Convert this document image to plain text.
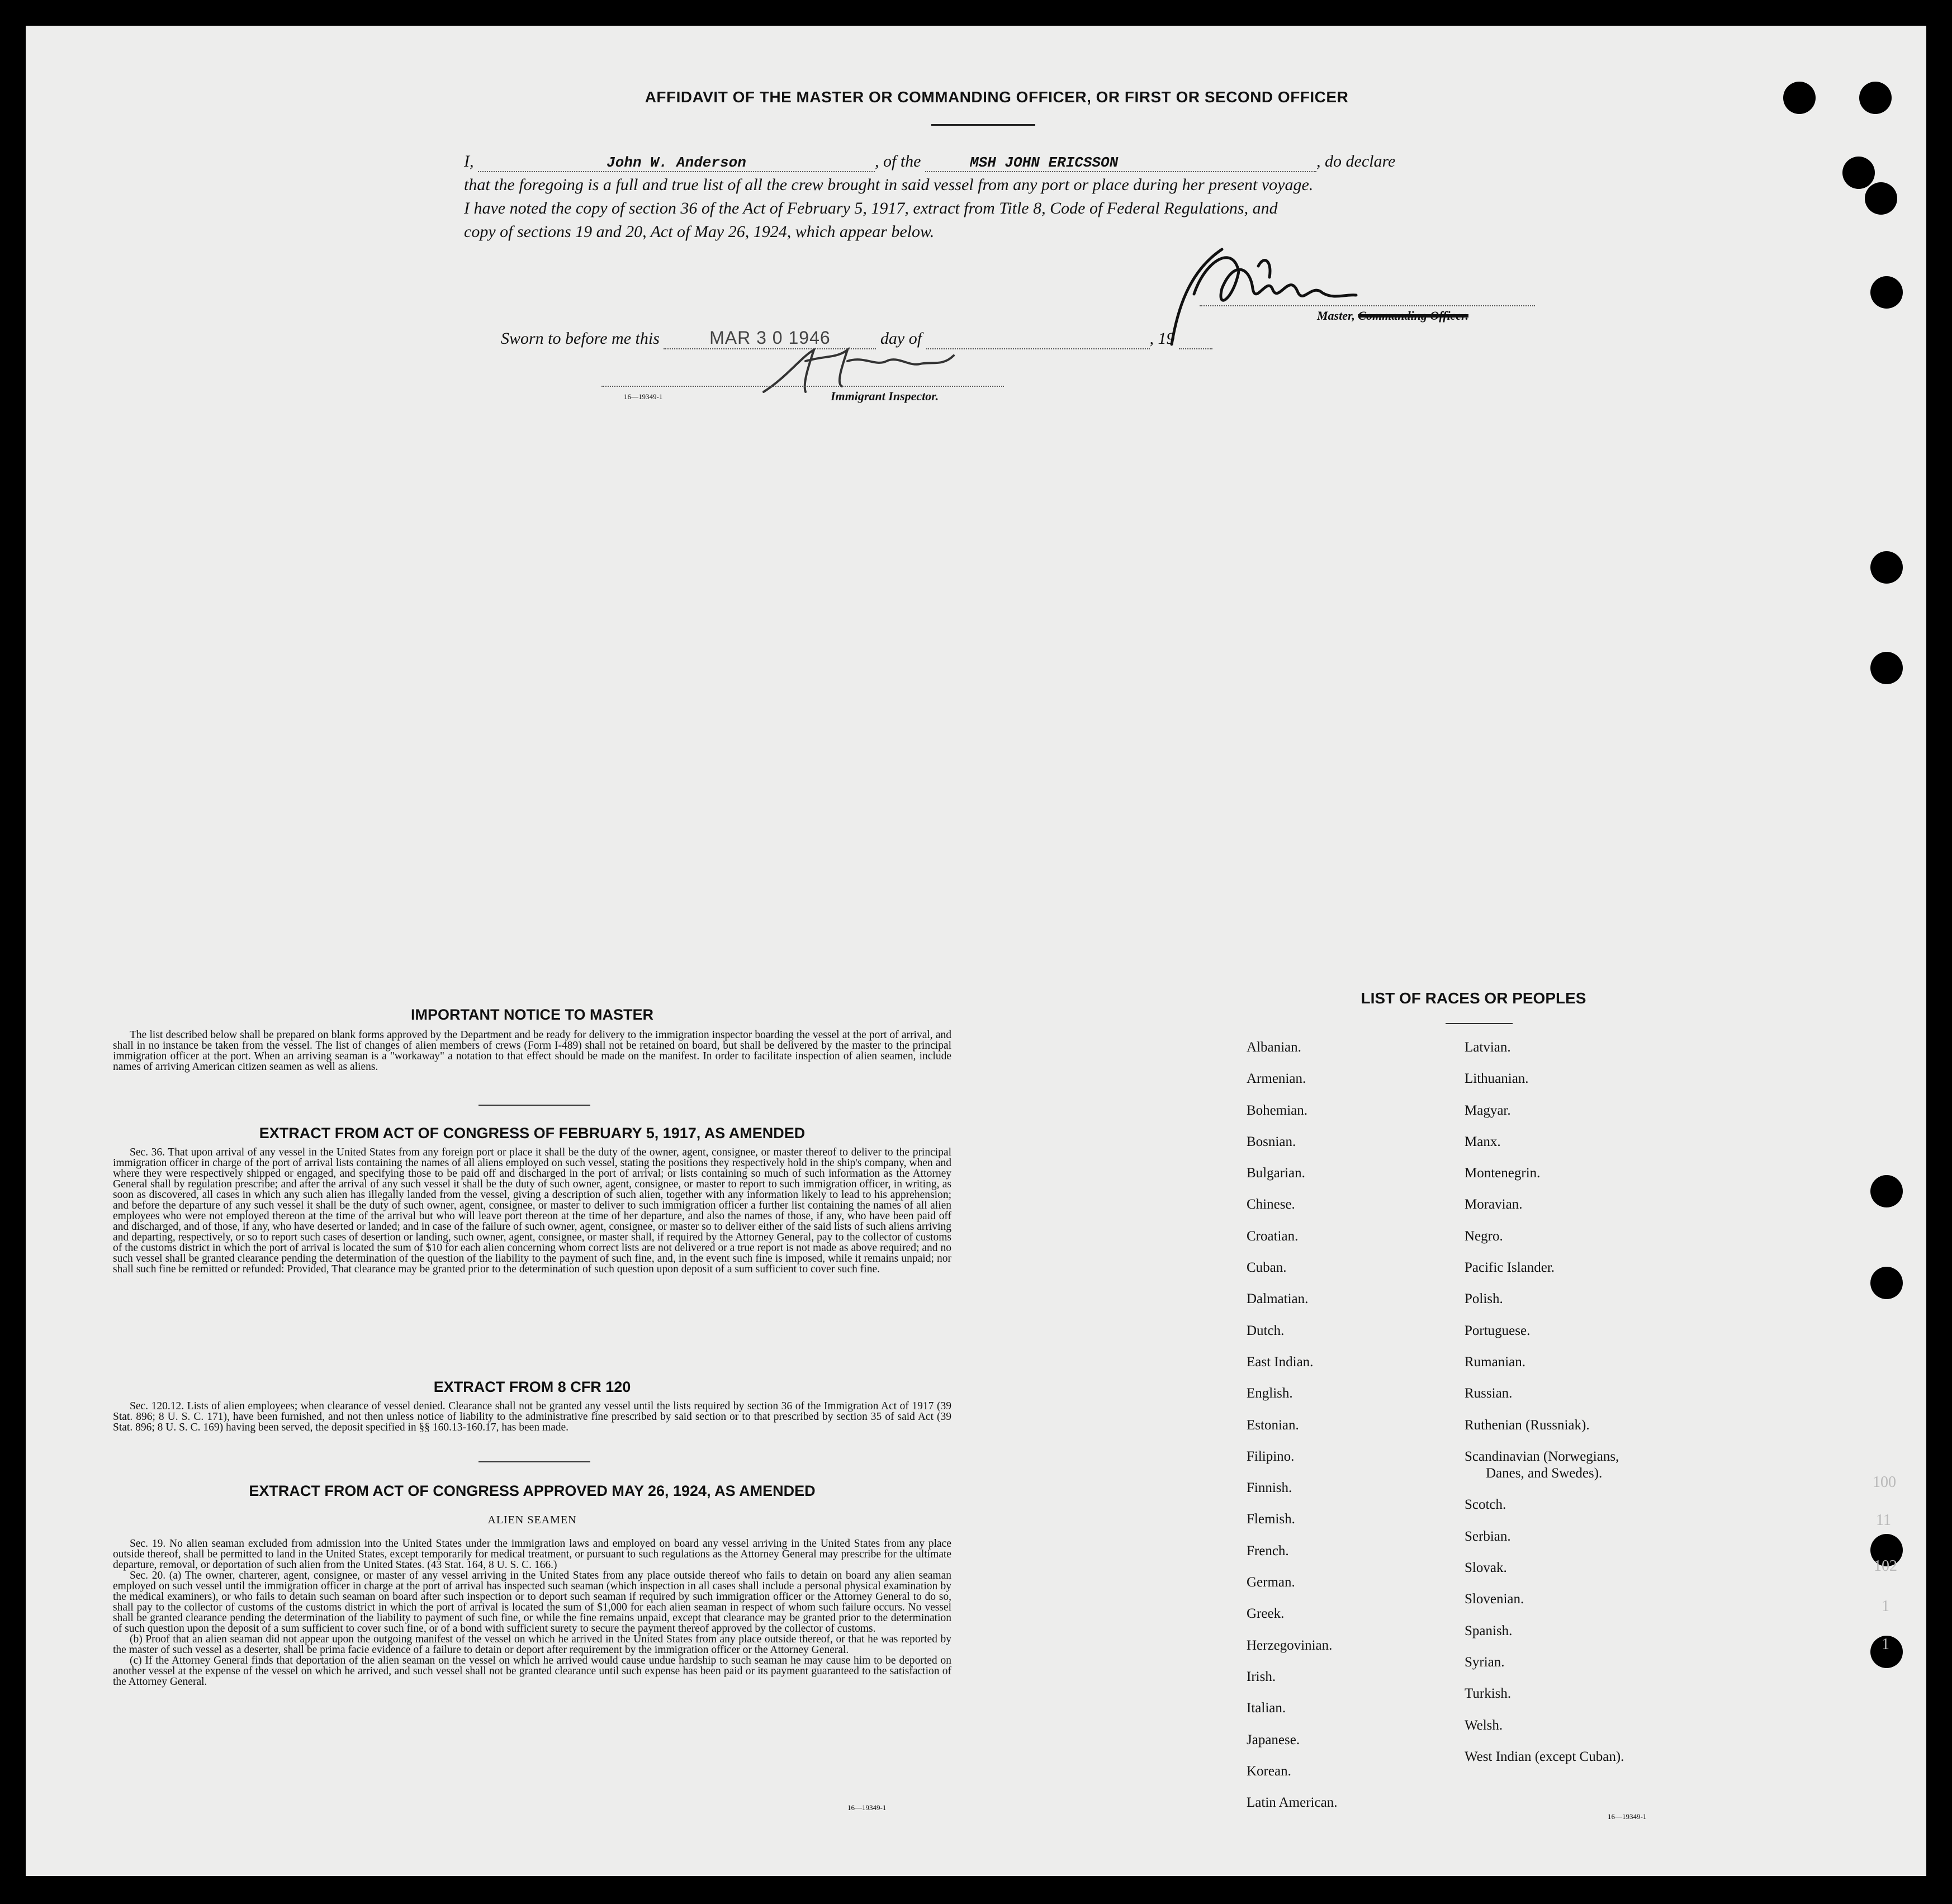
100
11
102
1
1
AFFIDAVIT OF THE MASTER OR COMMANDING OFFICER, OR FIRST OR SECOND OFFICER
I,	John W. Anderson	, of the	MSH JOHN ERICSSON	, do declare
that the foregoing is a full and true list of all the crew brought in said vessel from any port or place during her present voyage.
I have noted the copy of section 36 of the Act of February 5, 1917, extract from Title 8, Code of Federal Regulations, and
copy of sections 19 and 20, Act of May 26, 1924, which appear below.
Master, Commanding Officer.
Sworn to before me this	MAR 3 0 1946	day of	, 19
16—19349-1	Immigrant Inspector.
IMPORTANT NOTICE TO MASTER

The list described below shall be prepared on blank forms approved by the Department and be ready for delivery to the immigration inspector boarding the vessel at the port of arrival, and shall in no instance be taken from the vessel. The list of changes of alien members of crews (Form I-489) shall not be retained on board, but shall be delivered by the master to the principal immigration officer at the port. When an arriving seaman is a "workaway" a notation to that effect should be made on the manifest. In order to facilitate inspection of alien seamen, include names of arriving American citizen seamen as well as aliens.

EXTRACT FROM ACT OF CONGRESS OF FEBRUARY 5, 1917, AS AMENDED

Sec. 36. That upon arrival of any vessel in the United States from any foreign port or place it shall be the duty of the owner, agent, consignee, or master thereof to deliver to the principal immigration officer in charge of the port of arrival lists containing the names of all aliens employed on such vessel, stating the positions they respectively hold in the ship's company, when and where they were respectively shipped or engaged, and specifying those to be paid off and discharged in the port of arrival; or lists containing so much of such information as the Attorney General shall by regulation prescribe; and after the arrival of any such vessel it shall be the duty of such owner, agent, consignee, or master to report to such immigration officer, in writing, as soon as discovered, all cases in which any such alien has illegally landed from the vessel, giving a description of such alien, together with any information likely to lead to his apprehension; and before the departure of any such vessel it shall be the duty of such owner, agent, consignee, or master to deliver to such immigration officer a further list containing the names of all alien employees who were not employed thereon at the time of the arrival but who will leave port thereon at the time of her departure, and also the names of those, if any, who have been paid off and discharged, and of those, if any, who have deserted or landed; and in case of the failure of such owner, agent, consignee, or master so to deliver either of the said lists of such aliens arriving and departing, respectively, or so to report such cases of desertion or landing, such owner, agent, consignee, or master shall, if required by the Attorney General, pay to the collector of customs of the customs district in which the port of arrival is located the sum of $10 for each alien concerning whom correct lists are not delivered or a true report is not made as above required; and no such vessel shall be granted clearance pending the determination of the question of the liability to the payment of such fine, and, in the event such fine is imposed, while it remains unpaid; nor shall such fine be remitted or refunded: Provided, That clearance may be granted prior to the determination of such question upon deposit of a sum sufficient to cover such fine.

EXTRACT FROM 8 CFR 120

Sec. 120.12. Lists of alien employees; when clearance of vessel denied. Clearance shall not be granted any vessel until the lists required by section 36 of the Immigration Act of 1917 (39 Stat. 896; 8 U. S. C. 171), have been furnished, and not then unless notice of liability to the administrative fine prescribed by said section or to that prescribed by section 35 of said Act (39 Stat. 896; 8 U. S. C. 169) having been served, the deposit specified in §§ 160.13-160.17, has been made.

EXTRACT FROM ACT OF CONGRESS APPROVED MAY 26, 1924, AS AMENDED
ALIEN SEAMEN

Sec. 19. No alien seaman excluded from admission into the United States under the immigration laws and employed on board any vessel arriving in the United States from any place outside thereof, shall be permitted to land in the United States, except temporarily for medical treatment, or pursuant to such regulations as the Attorney General may prescribe for the ultimate departure, removal, or deportation of such alien from the United States. (43 Stat. 164, 8 U. S. C. 166.)

Sec. 20. (a) The owner, charterer, agent, consignee, or master of any vessel arriving in the United States from any place outside thereof who fails to detain on board any alien seaman employed on such vessel until the immigration officer in charge at the port of arrival has inspected such seaman (which inspection in all cases shall include a personal physical examination by the medical examiners), or who fails to detain such seaman on board after such inspection or to deport such seaman if required by such immigration officer or the Attorney General to do so, shall pay to the collector of customs of the customs district in which the port of arrival is located the sum of $1,000 for each alien seaman in respect of whom such failure occurs. No vessel shall be granted clearance pending the determination of the liability to payment of such fine, or while the fine remains unpaid, except that clearance may be granted prior to the determination of such question upon the deposit of a sum sufficient to cover such fine, or of a bond with sufficient surety to secure the payment thereof approved by the collector of customs.

(b) Proof that an alien seaman did not appear upon the outgoing manifest of the vessel on which he arrived in the United States from any place outside thereof, or that he was reported by the master of such vessel as a deserter, shall be prima facie evidence of a failure to detain or deport after requirement by the immigration officer or the Attorney General.

(c) If the Attorney General finds that deportation of the alien seaman on the vessel on which he arrived would cause undue hardship to such seaman he may cause him to be deported on another vessel at the expense of the vessel on which he arrived, and such vessel shall not be granted clearance until such expense has been paid or its payment guaranteed to the satisfaction of the Attorney General.

16—19349-1
LIST OF RACES OR PEOPLES
Albanian.
Armenian.
Bohemian.
Bosnian.
Bulgarian.
Chinese.
Croatian.
Cuban.
Dalmatian.
Dutch.
East Indian.
English.
Estonian.
Filipino.
Finnish.
Flemish.
French.
German.
Greek.
Herzegovinian.
Irish.
Italian.
Japanese.
Korean.
Latin American.
Latvian.
Lithuanian.
Magyar.
Manx.
Montenegrin.
Moravian.
Negro.
Pacific Islander.
Polish.
Portuguese.
Rumanian.
Russian.
Ruthenian (Russniak).
Scandinavian (Norwegians,
Danes, and Swedes).
Scotch.
Serbian.
Slovak.
Slovenian.
Spanish.
Syrian.
Turkish.
Welsh.
West Indian (except Cuban).
16—19349-1
